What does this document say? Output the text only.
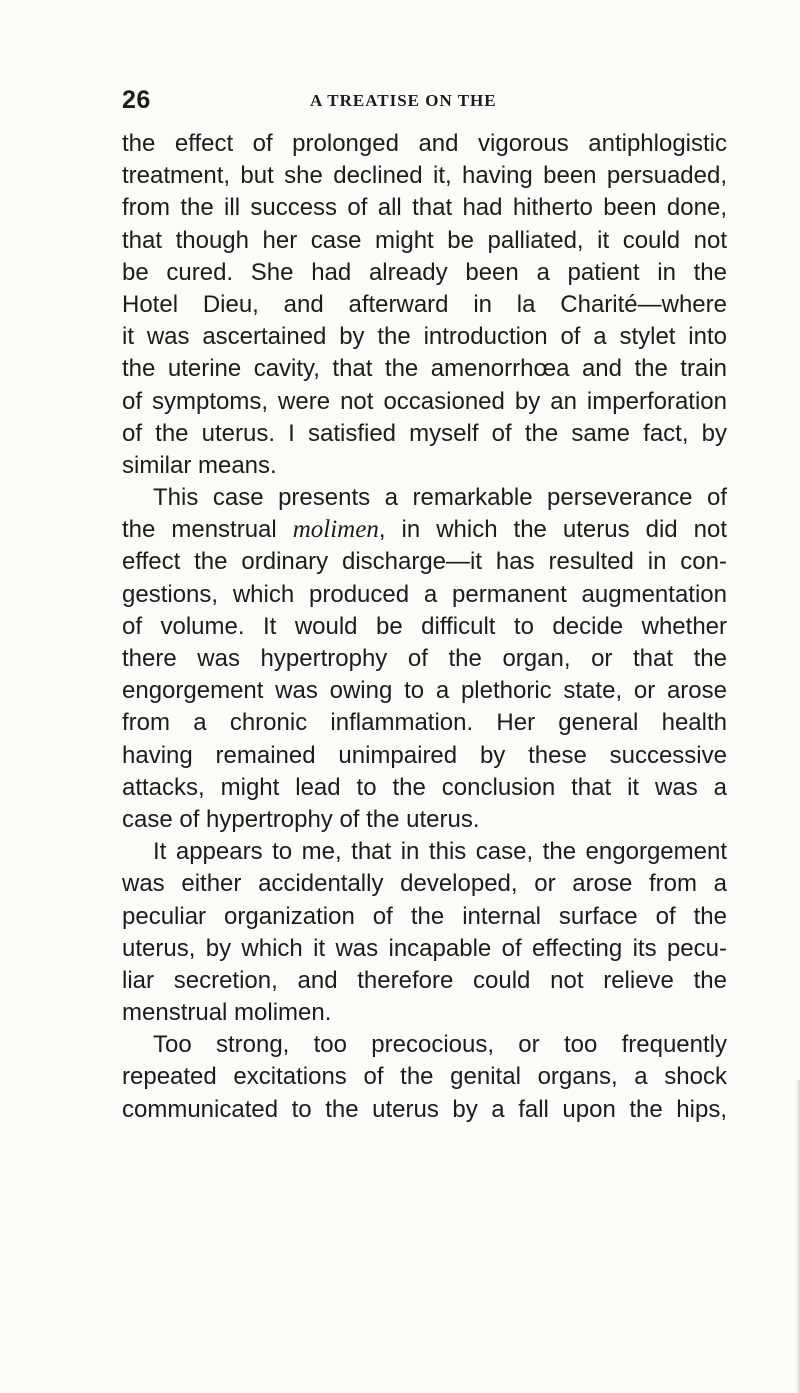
26	A TREATISE ON THE
the effect of prolonged and vigorous antiphlogistic
treatment, but she declined it, having been persuaded,
from the ill success of all that had hitherto been done,
that though her case might be palliated, it could not
be cured. She had already been a patient in the
Hotel Dieu, and afterward in la Charité—where
it was ascertained by the introduction of a stylet into
the uterine cavity, that the amenorrhœa and the train
of symptoms, were not occasioned by an imperforation
of the uterus. I satisfied myself of the same fact, by
similar means.
This case presents a remarkable perseverance of
the menstrual molimen, in which the uterus did not
effect the ordinary discharge—it has resulted in con-
gestions, which produced a permanent augmentation
of volume. It would be difficult to decide whether
there was hypertrophy of the organ, or that the
engorgement was owing to a plethoric state, or arose
from a chronic inflammation. Her general health
having remained unimpaired by these successive
attacks, might lead to the conclusion that it was a
case of hypertrophy of the uterus.
It appears to me, that in this case, the engorgement
was either accidentally developed, or arose from a
peculiar organization of the internal surface of the
uterus, by which it was incapable of effecting its pecu-
liar secretion, and therefore could not relieve the
menstrual molimen.
Too strong, too precocious, or too frequently
repeated excitations of the genital organs, a shock
communicated to the uterus by a fall upon the hips,
